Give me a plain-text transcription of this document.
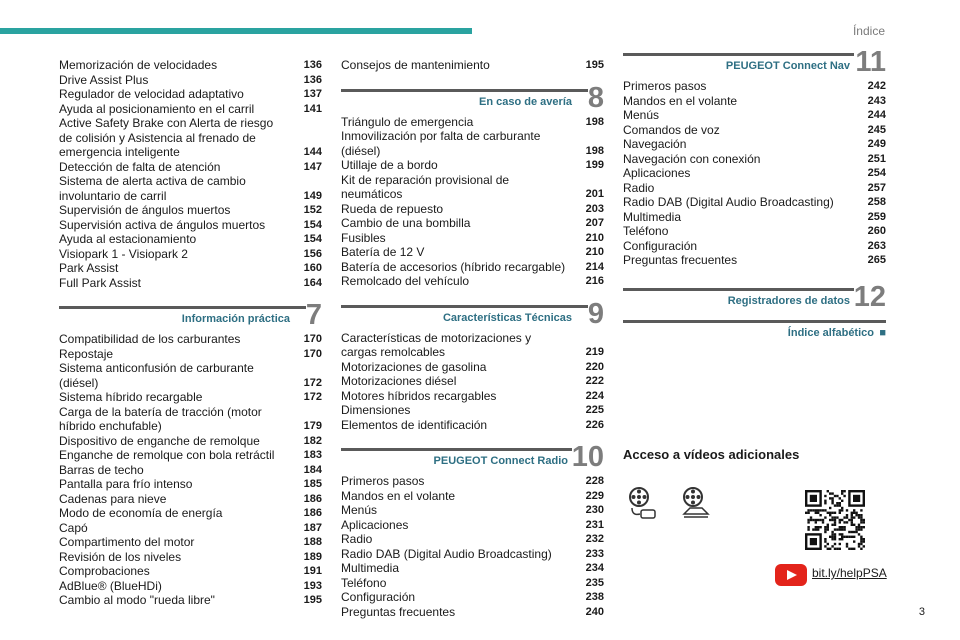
Índice
Memorización de velocidades	136
Drive Assist Plus	136
Regulador de velocidad adaptativo	137
Ayuda al posicionamiento en el carril	141
Active Safety Brake con Alerta de riesgo de colisión y Asistencia al frenado de emergencia inteligente	144
Detección de falta de atención	147
Sistema de alerta activa de cambio involuntario de carril	149
Supervisión de ángulos muertos	152
Supervisión activa de ángulos muertos	154
Ayuda al estacionamiento	154
Visiopark 1 - Visiopark 2	156
Park Assist	160
Full Park Assist	164
Información práctica 7
Compatibilidad de los carburantes	170
Repostaje	170
Sistema anticonfusión de carburante (diésel)	172
Sistema híbrido recargable	172
Carga de la batería de tracción (motor híbrido enchufable)	179
Dispositivo de enganche de remolque	182
Enganche de remolque con bola retráctil	183
Barras de techo	184
Pantalla para frío intenso	185
Cadenas para nieve	186
Modo de economía de energía	186
Capó	187
Compartimento del motor	188
Revisión de los niveles	189
Comprobaciones	191
AdBlue® (BlueHDi)	193
Cambio al modo "rueda libre"	195
Consejos de mantenimiento	195
En caso de avería 8
Triángulo de emergencia	198
Inmovilización por falta de carburante (diésel)	198
Utillaje de a bordo	199
Kit de reparación provisional de neumáticos	201
Rueda de repuesto	203
Cambio de una bombilla	207
Fusibles	210
Batería de 12 V	210
Batería de accesorios (híbrido recargable)	214
Remolcado del vehículo	216
Características Técnicas 9
Características de motorizaciones y cargas remolcables	219
Motorizaciones de gasolina	220
Motorizaciones diésel	222
Motores híbridos recargables	224
Dimensiones	225
Elementos de identificación	226
PEUGEOT Connect Radio 10
Primeros pasos	228
Mandos en el volante	229
Menús	230
Aplicaciones	231
Radio	232
Radio DAB (Digital Audio Broadcasting)	233
Multimedia	234
Teléfono	235
Configuración	238
Preguntas frecuentes	240
PEUGEOT Connect Nav 11
Primeros pasos	242
Mandos en el volante	243
Menús	244
Comandos de voz	245
Navegación	249
Navegación con conexión	251
Aplicaciones	254
Radio	257
Radio DAB (Digital Audio Broadcasting)	258
Multimedia	259
Teléfono	260
Configuración	263
Preguntas frecuentes	265
Registradores de datos 12
Índice alfabético ■
Acceso a vídeos adicionales
bit.ly/helpPSA
3
